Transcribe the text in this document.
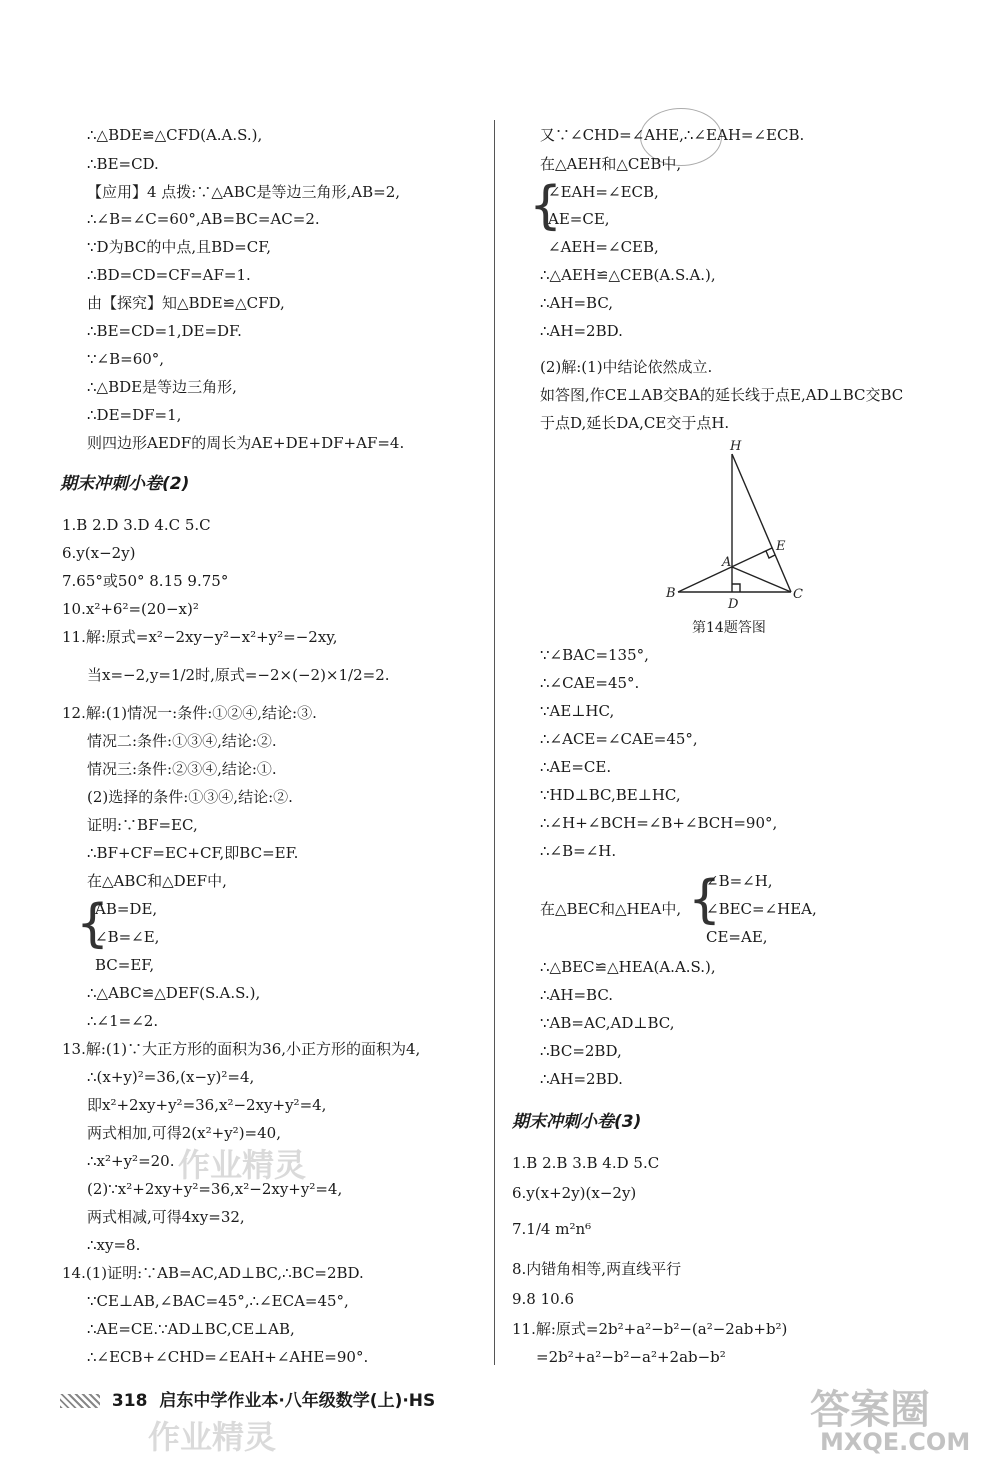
∴△BDE≌△CFD(A.A.S.),
∴BE=CD.
【应用】4 点拨:∵△ABC是等边三角形,AB=2,
∴∠B=∠C=60°,AB=BC=AC=2.
∵D为BC的中点,且BD=CF,
∴BD=CD=CF=AF=1.
由【探究】知△BDE≌△CFD,
∴BE=CD=1,DE=DF.
∵∠B=60°,
∴△BDE是等边三角形,
∴DE=DF=1,
则四边形AEDF的周长为AE+DE+DF+AF=4.
期末冲刺小卷(2)
1.B 2.D 3.D 4.C 5.C
6.y(x−2y)
7.65°或50° 8.15 9.75°
10.x²+6²=(20−x)²
11.解:原式=x²−2xy−y²−x²+y²=−2xy,
当x=−2,y=1/2时,原式=−2×(−2)×1/2=2.
12.解:(1)情况一:条件:①②④,结论:③.
情况二:条件:①③④,结论:②.
情况三:条件:②③④,结论:①.
(2)选择的条件:①③④,结论:②.
证明:∵BF=EC,
∴BF+CF=EC+CF,即BC=EF.
在△ABC和△DEF中,
{
AB=DE,
∠B=∠E,
BC=EF,
∴△ABC≌△DEF(S.A.S.),
∴∠1=∠2.
13.解:(1)∵大正方形的面积为36,小正方形的面积为4,
∴(x+y)²=36,(x−y)²=4,
即x²+2xy+y²=36,x²−2xy+y²=4,
两式相加,可得2(x²+y²)=40,
∴x²+y²=20.
(2)∵x²+2xy+y²=36,x²−2xy+y²=4,
两式相减,可得4xy=32,
∴xy=8.
14.(1)证明:∵AB=AC,AD⊥BC,∴BC=2BD.
∵CE⊥AB,∠BAC=45°,∴∠ECA=45°,
∴AE=CE.∵AD⊥BC,CE⊥AB,
∴∠ECB+∠CHD=∠EAH+∠AHE=90°.
又∵∠CHD=∠AHE,∴∠EAH=∠ECB.
在△AEH和△CEB中,
{
∠EAH=∠ECB,
AE=CE,
∠AEH=∠CEB,
∴△AEH≌△CEB(A.S.A.),
∴AH=BC,
∴AH=2BD.
(2)解:(1)中结论依然成立.
如答图,作CE⊥AB交BA的延长线于点E,AD⊥BC交BC
于点D,延长DA,CE交于点H.
H
E
A
B
D
C
第14题答图
∵∠BAC=135°,
∴∠CAE=45°.
∵AE⊥HC,
∴∠ACE=∠CAE=45°,
∴AE=CE.
∵HD⊥BC,BE⊥HC,
∴∠H+∠BCH=∠B+∠BCH=90°,
∴∠B=∠H.
在△BEC和△HEA中, {
∠B=∠H,
∠BEC=∠HEA,
CE=AE,
∴△BEC≌△HEA(A.A.S.),
∴AH=BC.
∵AB=AC,AD⊥BC,
∴BC=2BD,
∴AH=2BD.
期末冲刺小卷(3)
1.B 2.B 3.B 4.D 5.C
6.y(x+2y)(x−2y)
7.1/4 m²n⁶
8.内错角相等,两直线平行
9.8 10.6
11.解:原式=2b²+a²−b²−(a²−2ab+b²)
=2b²+a²−b²−a²+2ab−b²
318 启东中学作业本·八年级数学(上)·HS
作业精灵
作业精灵
答案圈
MXQE.COM
